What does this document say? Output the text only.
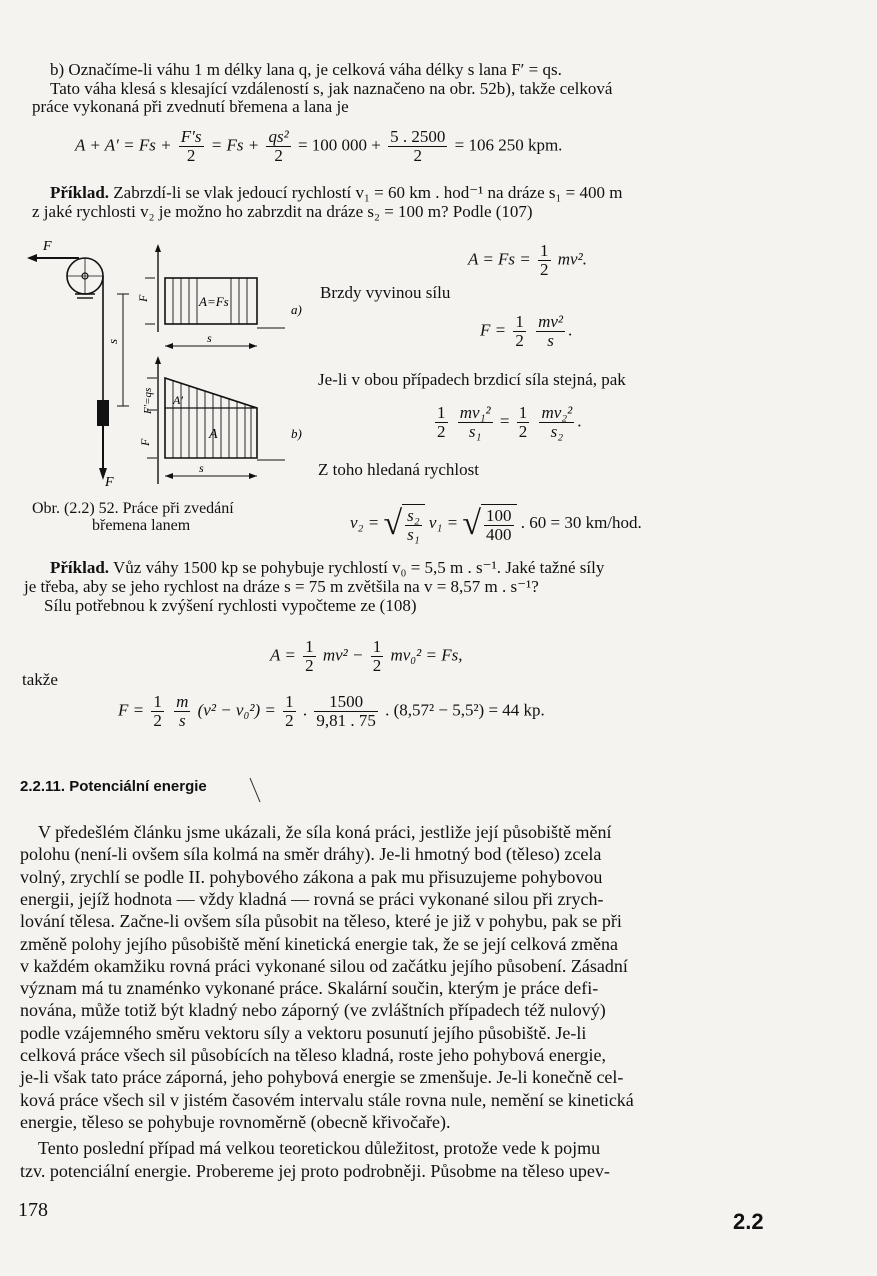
b) Označíme-li váhu 1 m délky lana q, je celková váha délky s lana F′ = qs.
Tato váha klesá s klesající vzdáleností s, jak naznačeno na obr. 52b), takže celková
práce vykonaná při zvednutí břemena a lana je
$A + A' = Fs + \frac{F's}{2} = Fs + \frac{\text{qs²}}{2} = 100$ $000 + \frac{5 . 2500}{2} = 106$ 250 kpm.
Příklad. Zabrzdí-li se vlak jedoucí rychlostí v₁ = 60 km . hod⁻¹ na dráze s₁ = 400 m
z jaké rychlosti v₂ je možno ho zabrzdit na dráze s₂ = 100 m? Podle (107)
$A = Fs = \frac{1}{2} mv^2$.
Brzdy vyvinou sílu
$F = \frac{1}{2}$
$\frac{\text{mv²}}{s}$ .
Je-li v obou případech brzdicí síla stejná, pak
$\frac{1}{2}$
$\frac{\text{mv₁²}}{\text{s₁}} = \frac{1}{2}$
$\frac{\text{mv₂²}}{\text{s₂}}$ .
Z toho hledaná rychlost
v₂ = √ $\frac{\text{s₂}}{\text{s₁}} v_1$ = √ $\frac{100}{400}$ . 60 = 30 km/hod.
F
F
s
F	A=Fs
a)
s
F′=qs
F
A′
A	b)
s
Obr. (2.2) 52. Práce při zvedání
břemena lanem
Příklad. Vůz váhy 1500 kp se pohybuje rychlostí v₀ = 5,5 m . s⁻¹. Jaké tažné síly
je třeba, aby se jeho rychlost na dráze s = 75 m zvětšila na v = 8,57 m . s⁻¹?
Sílu potřebnou k zvýšení rychlosti vypočteme ze (108)
$A = \frac{1}{2} mv^2 - \frac{1}{2} mv_0^2 = Fs$,
takže
$F = \frac{1}{2}$
$\frac{m}{s} (v^2 - v_0^2) = \frac{1}{2}$ . $\frac{1500}{9,81 . 75}$ . (8,57² − 5,5²) = 44 kp.
2.2.11. Potenciální energie
V předešlém článku jsme ukázali, že síla koná práci, jestliže její působiště mění
polohu (není-li ovšem síla kolmá na směr dráhy). Je-li hmotný bod (těleso) zcela
volný, zrychlí se podle II. pohybového zákona a pak mu přisuzujeme pohybovou
energii, jejíž hodnota — vždy kladná — rovná se práci vykonané silou při zrych-
lování tělesa. Začne-li ovšem síla působit na těleso, které je již v pohybu, pak se při
změně polohy jejího působiště mění kinetická energie tak, že se její celková změna
v každém okamžiku rovná práci vykonané silou od začátku jejího působení. Zásadní
význam má tu znaménko vykonané práce. Skalární součin, kterým je práce defi-
nována, může totiž být kladný nebo záporný (ve zvláštních případech též nulový)
podle vzájemného směru vektoru síly a vektoru posunutí jejího působiště. Je-li
celková práce všech sil působících na těleso kladná, roste jeho pohybová energie,
je-li však tato práce záporná, jeho pohybová energie se zmenšuje. Je-li konečně cel-
ková práce všech sil v jistém časovém intervalu stále rovna nule, nemění se kinetická
energie, těleso se pohybuje rovnoměrně (obecně křivočaře).
Tento poslední případ má velkou teoretickou důležitost, protože vede k pojmu
tzv. potenciální energie. Probereme jej proto podrobněji. Působme na těleso upev-
178	2.2
